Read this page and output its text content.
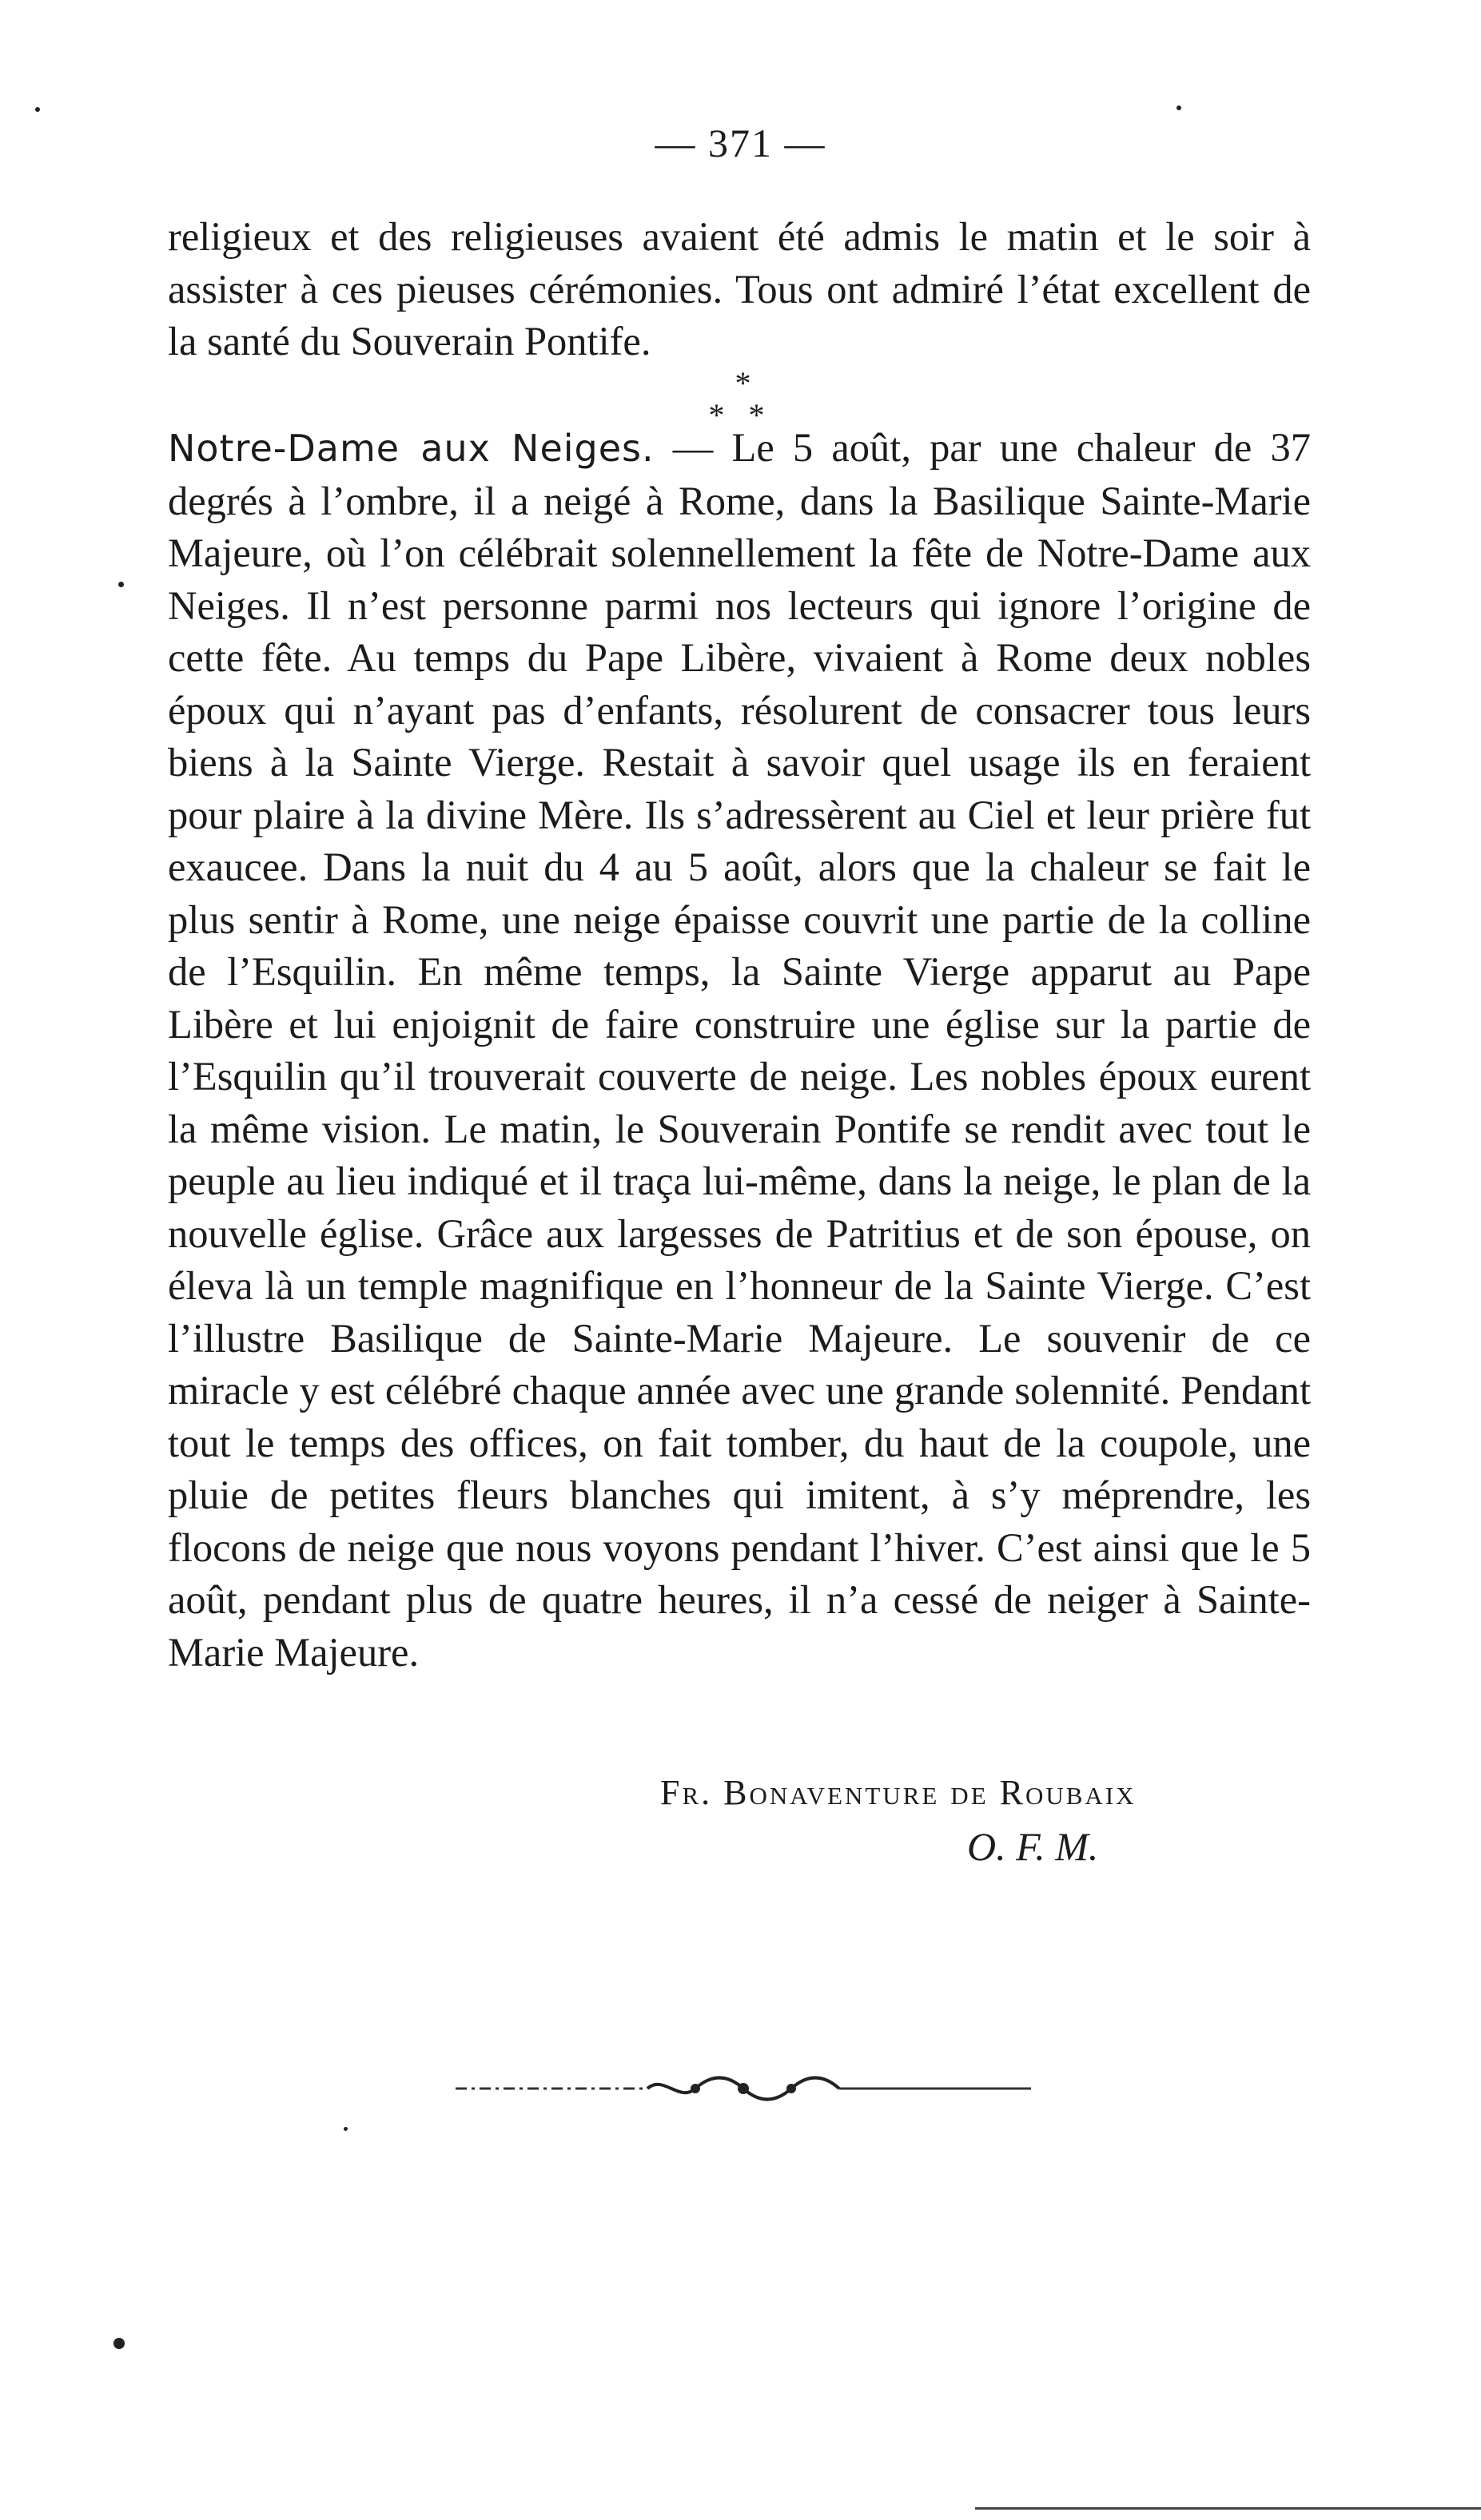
— 371 —

religieux et des religieuses avaient été admis le matin et le soir à assister à ces pieuses cérémonies. Tous ont admiré l’état excellent de la santé du Souverain Pontife.

*
* *

Notre-Dame aux Neiges. — Le 5 août, par une chaleur de 37 degrés à l’ombre, il a neigé à Rome, dans la Basilique Sainte-Marie Majeure, où l’on célébrait solennellement la fête de Notre-Dame aux Neiges. Il n’est personne parmi nos lecteurs qui ignore l’origine de cette fête. Au temps du Pape Libère, vivaient à Rome deux nobles époux qui n’ayant pas d’enfants, résolurent de consacrer tous leurs biens à la Sainte Vierge. Restait à savoir quel usage ils en feraient pour plaire à la divine Mère. Ils s’adressèrent au Ciel et leur prière fut exaucee. Dans la nuit du 4 au 5 août, alors que la chaleur se fait le plus sentir à Rome, une neige épaisse couvrit une partie de la colline de l’Esquilin. En même temps, la Sainte Vierge apparut au Pape Libère et lui enjoignit de faire construire une église sur la partie de l’Esquilin qu’il trouverait couverte de neige. Les nobles époux eurent la même vision. Le matin, le Souverain Pontife se rendit avec tout le peuple au lieu indiqué et il traça lui-même, dans la neige, le plan de la nouvelle église. Grâce aux largesses de Patritius et de son épouse, on éleva là un temple magnifique en l’honneur de la Sainte Vierge. C’est l’illustre Basilique de Sainte-Marie Majeure. Le souvenir de ce miracle y est célébré chaque année avec une grande solennité. Pendant tout le temps des offices, on fait tomber, du haut de la coupole, une pluie de petites fleurs blanches qui imitent, à s’y méprendre, les flocons de neige que nous voyons pendant l’hiver. C’est ainsi que le 5 août, pendant plus de quatre heures, il n’a cessé de neiger à Sainte-Marie Majeure.

Fr. Bonaventure de Roubaix
O. F. M.
